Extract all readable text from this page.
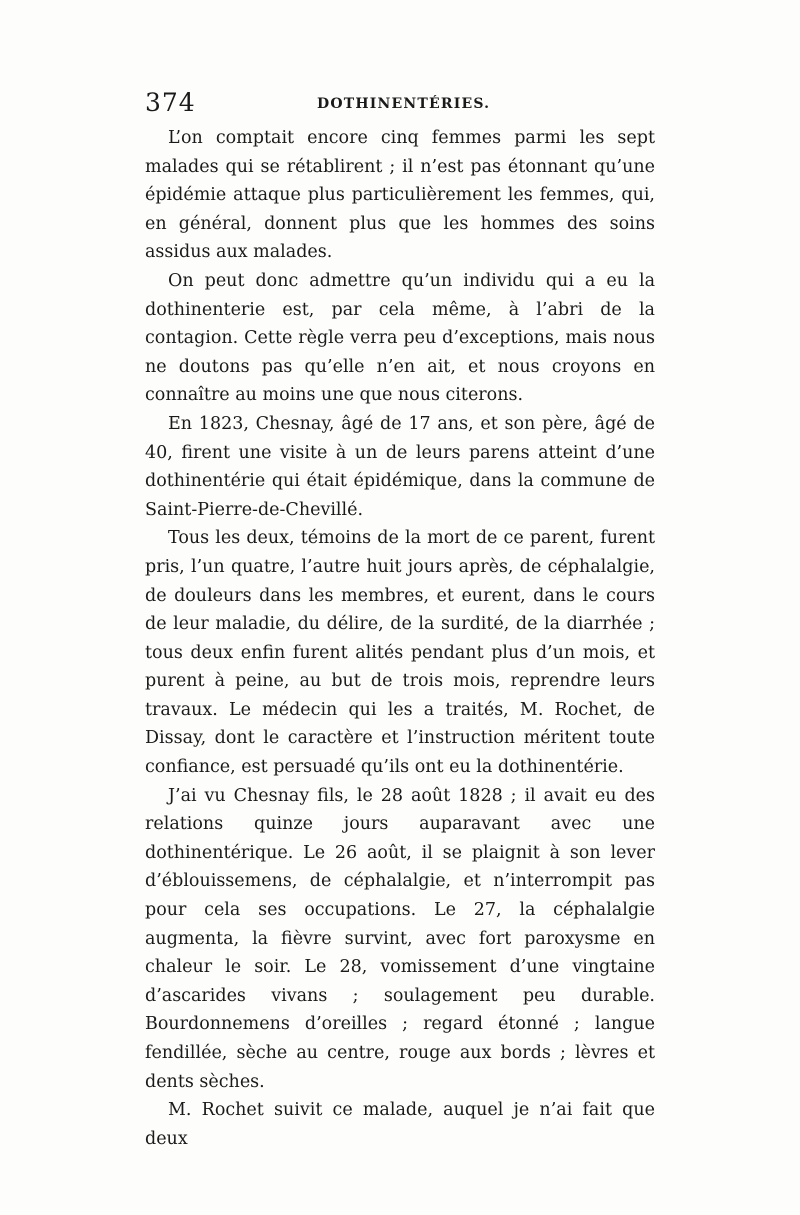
374	DOTHINENTÉRIES.

L’on comptait encore cinq femmes parmi les sept malades qui se rétablirent ; il n’est pas étonnant qu’une épidémie attaque plus particulièrement les femmes, qui, en général, donnent plus que les hommes des soins assidus aux malades.

On peut donc admettre qu’un individu qui a eu la dothinenterie est, par cela même, à l’abri de la contagion. Cette règle verra peu d’exceptions, mais nous ne doutons pas qu’elle n’en ait, et nous croyons en connaître au moins une que nous citerons.

En 1823, Chesnay, âgé de 17 ans, et son père, âgé de 40, firent une visite à un de leurs parens atteint d’une dothinentérie qui était épidémique, dans la commune de Saint-Pierre-de-Chevillé.

Tous les deux, témoins de la mort de ce parent, furent pris, l’un quatre, l’autre huit jours après, de céphalalgie, de douleurs dans les membres, et eurent, dans le cours de leur maladie, du délire, de la surdité, de la diarrhée ; tous deux enfin furent alités pendant plus d’un mois, et purent à peine, au but de trois mois, reprendre leurs travaux. Le médecin qui les a traités, M. Rochet, de Dissay, dont le caractère et l’instruction méritent toute confiance, est persuadé qu’ils ont eu la dothinentérie.

J’ai vu Chesnay fils, le 28 août 1828 ; il avait eu des relations quinze jours auparavant avec une dothinentérique. Le 26 août, il se plaignit à son lever d’éblouissemens, de céphalalgie, et n’interrompit pas pour cela ses occupations. Le 27, la céphalalgie augmenta, la fièvre survint, avec fort paroxysme en chaleur le soir. Le 28, vomissement d’une vingtaine d’ascarides vivans ; soulagement peu durable. Bourdonnemens d’oreilles ; regard étonné ; langue fendillée, sèche au centre, rouge aux bords ; lèvres et dents sèches.

M. Rochet suivit ce malade, auquel je n’ai fait que deux
